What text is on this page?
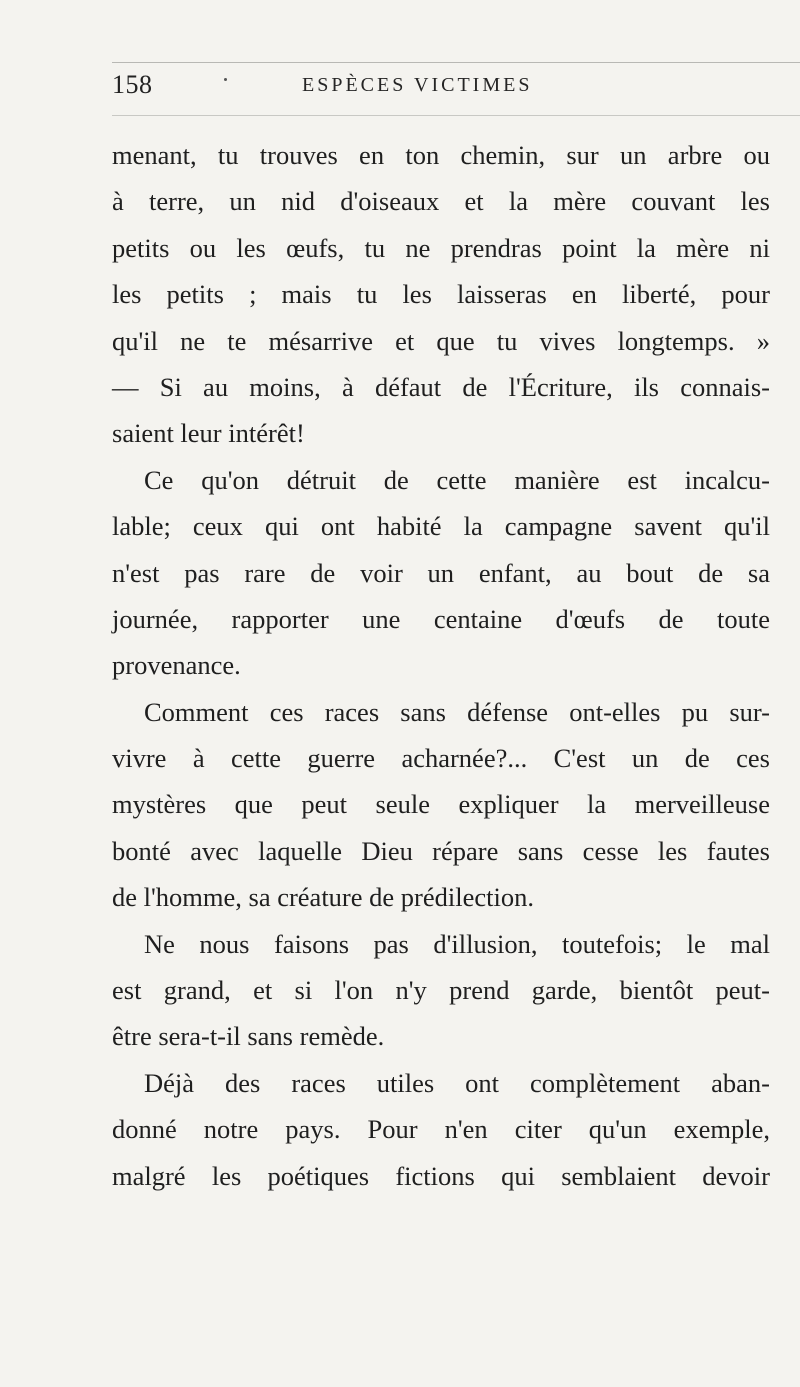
158	ESPÈCES VICTIMES
menant, tu trouves en ton chemin, sur un arbre ou
à terre, un nid d'oiseaux et la mère couvant les
petits ou les œufs, tu ne prendras point la mère ni
les petits ; mais tu les laisseras en liberté, pour
qu'il ne te mésarrive et que tu vives longtemps. »
— Si au moins, à défaut de l'Écriture, ils connais-
saient leur intérêt!
Ce qu'on détruit de cette manière est incalcu-
lable; ceux qui ont habité la campagne savent qu'il
n'est pas rare de voir un enfant, au bout de sa
journée, rapporter une centaine d'œufs de toute
provenance.
Comment ces races sans défense ont-elles pu sur-
vivre à cette guerre acharnée?... C'est un de ces
mystères que peut seule expliquer la merveilleuse
bonté avec laquelle Dieu répare sans cesse les fautes
de l'homme, sa créature de prédilection.
Ne nous faisons pas d'illusion, toutefois; le mal
est grand, et si l'on n'y prend garde, bientôt peut-
être sera-t-il sans remède.
Déjà des races utiles ont complètement aban-
donné notre pays. Pour n'en citer qu'un exemple,
malgré les poétiques fictions qui semblaient devoir
